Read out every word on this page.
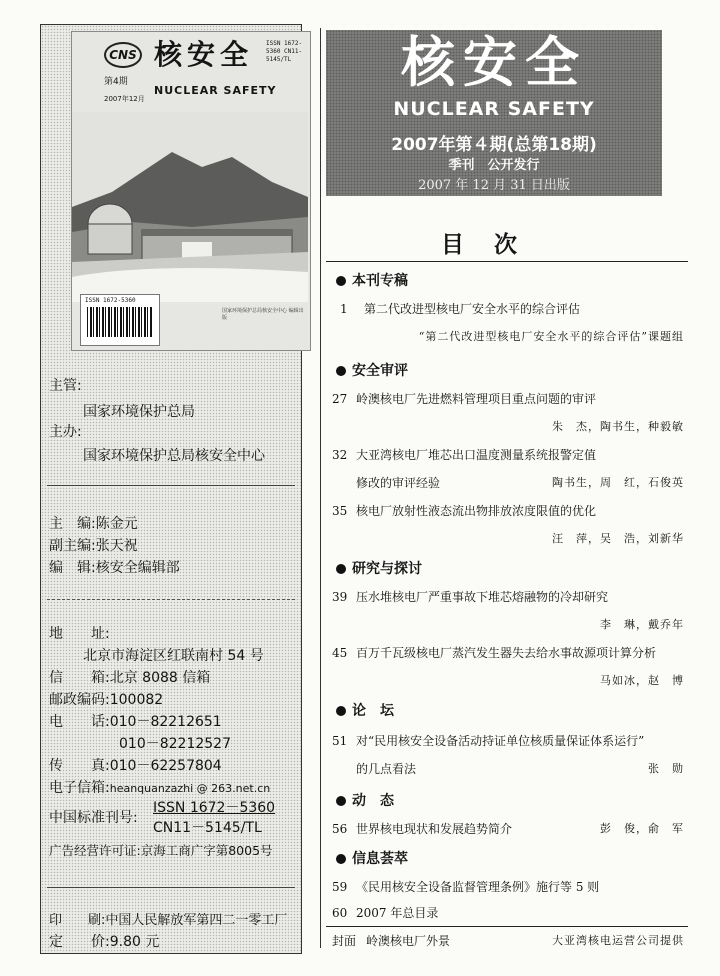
CNS 核安全
第4期
2007年12月
NUCLEAR SAFETY
ISSN 1672-5360 CN11-5145/TL
ISSN 1672-5360
国家环境保护总局核安全中心 编辑出版
主管:
国家环境保护总局
主办:
国家环境保护总局核安全中心
主　编:陈金元
副主编:张天祝
编　辑:核安全编辑部
地　　址:
北京市海淀区红联南村 54 号
信　　箱:北京 8088 信箱
邮政编码:100082
电　　话:010－82212651
010－82212527
传　　真:010－62257804
电子信箱:heanquanzazhi @ 263.net.cn
中国标准刊号:
ISSN 1672－5360
CN11－5145/TL
广告经营许可证:京海工商广字第8005号
印　　刷:中国人民解放军第四二一零工厂
定　　价:9.80 元
核安全
NUCLEAR SAFETY
2007年第４期(总第18期)
季刊　公开发行
2007 年 12 月 31 日出版
目次
本刊专稿
1 第二代改进型核电厂安全水平的综合评估
“第二代改进型核电厂安全水平的综合评估”课题组
安全审评
27 岭澳核电厂先进燃料管理项目重点问题的审评
朱　杰，陶书生，种毅敏
32 大亚湾核电厂堆芯出口温度测量系统报警定值
修改的审评经验	陶书生，周　红，石俊英
35 核电厂放射性液态流出物排放浓度限值的优化
汪　萍，吴　浩，刘新华
研究与探讨
39 压水堆核电厂严重事故下堆芯熔融物的冷却研究
李　琳，戴乔年
45 百万千瓦级核电厂蒸汽发生器失去给水事故源项计算分析
马如冰，赵　博
论　坛
51 对“民用核安全设备活动持证单位核质量保证体系运行”
的几点看法	张　勋
动　态
56 世界核电现状和发展趋势简介	彭　俊，俞　军
信息荟萃
59 《民用核安全设备监督管理条例》施行等 5 则
60 2007 年总目录
封面 岭澳核电厂外景	大亚湾核电运营公司提供
